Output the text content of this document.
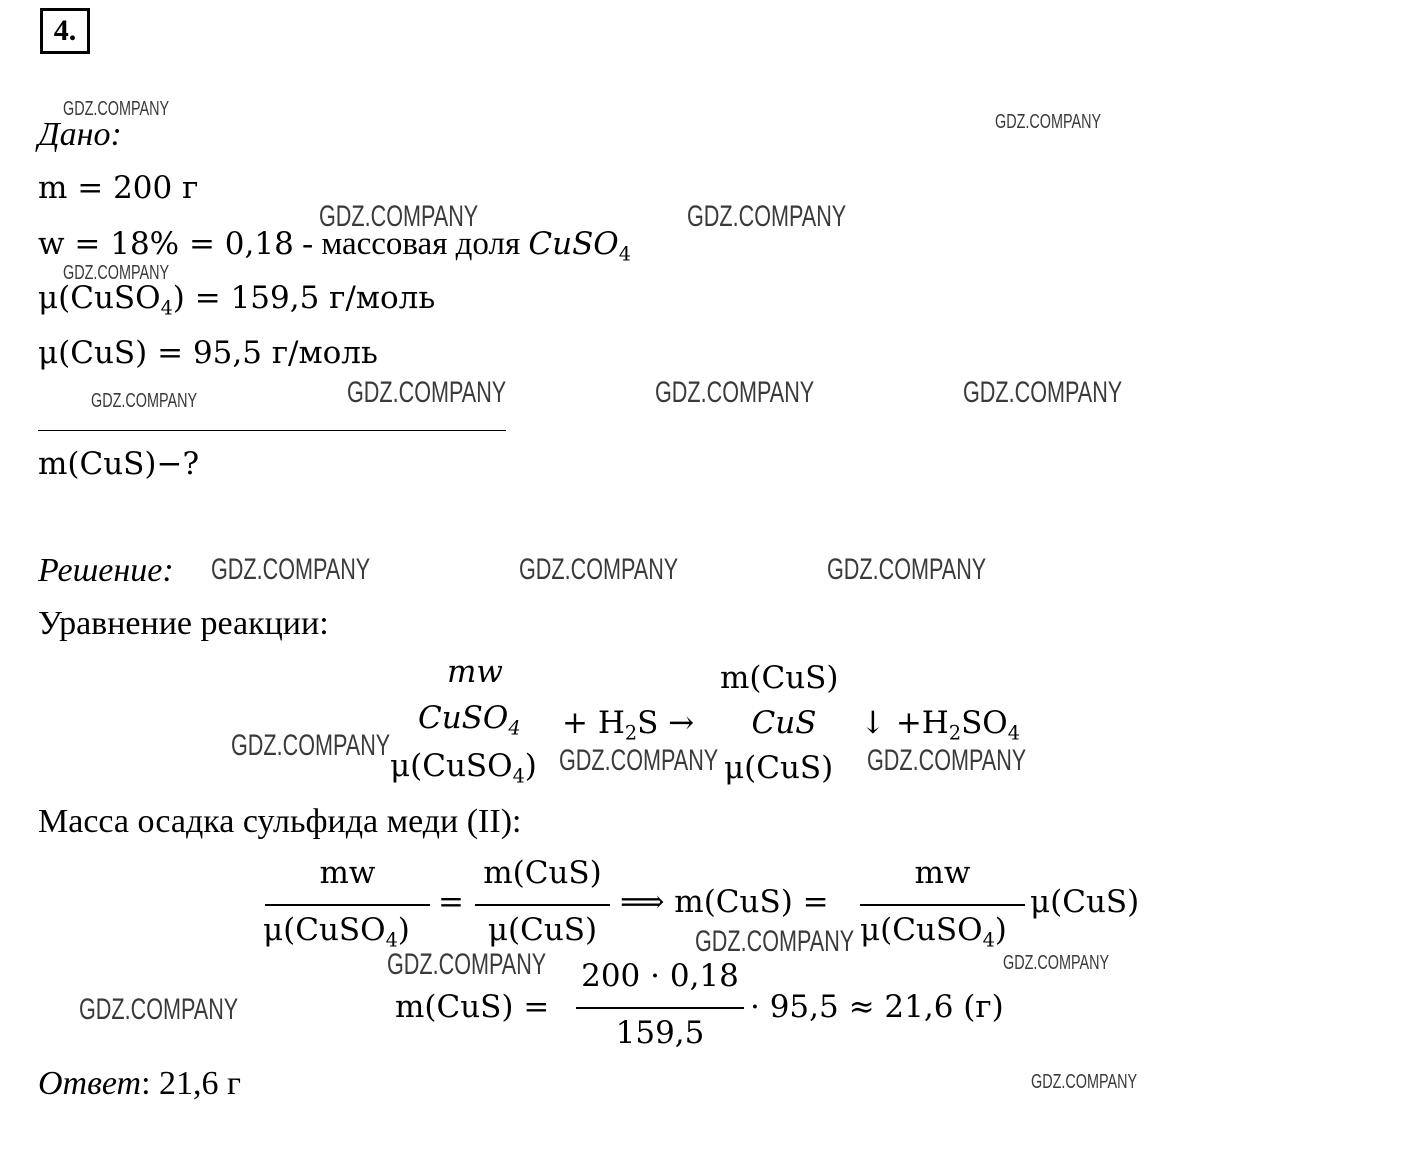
4.
GDZ.COMPANY
GDZ.COMPANY
GDZ.COMPANY	GDZ.COMPANY
GDZ.COMPANY
GDZ.COMPANY	GDZ.COMPANY	GDZ.COMPANY	GDZ.COMPANY
GDZ.COMPANY	GDZ.COMPANY	GDZ.COMPANY
GDZ.COMPANY	GDZ.COMPANY	GDZ.COMPANY
GDZ.COMPANY
GDZ.COMPANY	GDZ.COMPANY
GDZ.COMPANY
GDZ.COMPANY
Дано:
m = 200 г
w = 18% = 0,18 - массовая доля CuSO$_4$
μ(CuSO$_4$) = 159,5 г/моль
μ(CuS) = 95,5 г/моль
m(CuS)−?
Решение:
Уравнение реакции:
mw
CuSO$_4$
μ(CuSO$_4$)
+ $H_2S$ →
m(CuS)
CuS
μ(CuS)
↓ $+H_2SO_4$
Масса осадка сульфида меди (II):
mw
μ(CuSO$_4$)
=
m(CuS)
μ(CuS)
⟹ m(CuS) =
mw
μ(CuSO$_4$)
μ(CuS)
m(CuS) =
200 · 0,18
159,5
· 95,5 ≈ 21,6 (г)
Ответ: 21,6 г
